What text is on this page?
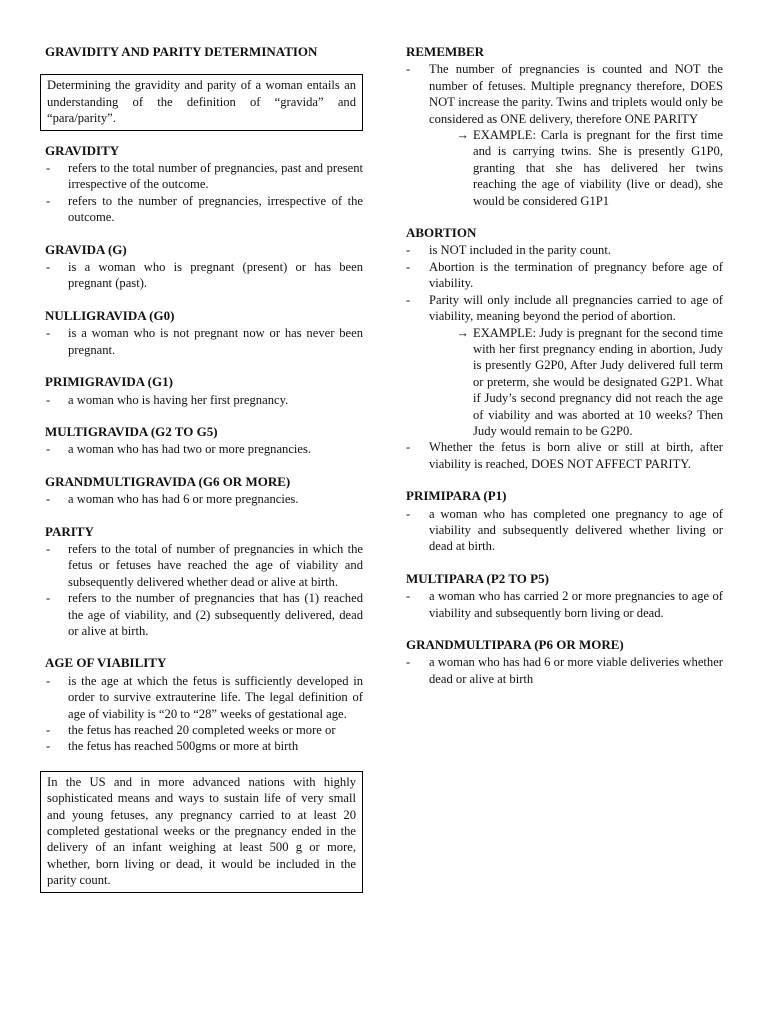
GRAVIDITY AND PARITY DETERMINATION
Determining the gravidity and parity of a woman entails an understanding of the definition of “gravida” and “para/parity”.
GRAVIDITY
- refers to the total number of pregnancies, past and present irrespective of the outcome.
- refers to the number of pregnancies, irrespective of the outcome.
GRAVIDA (G)
- is a woman who is pregnant (present) or has been pregnant (past).
NULLIGRAVIDA (G0)
- is a woman who is not pregnant now or has never been pregnant.
PRIMIGRAVIDA (G1)
- a woman who is having her first pregnancy.
MULTIGRAVIDA (G2 TO G5)
- a woman who has had two or more pregnancies.
GRANDMULTIGRAVIDA (G6 OR MORE)
- a woman who has had 6 or more pregnancies.
PARITY
- refers to the total of number of pregnancies in which the fetus or fetuses have reached the age of viability and subsequently delivered whether dead or alive at birth.
- refers to the number of pregnancies that has (1) reached the age of viability, and (2) subsequently delivered, dead or alive at birth.
AGE OF VIABILITY
- is the age at which the fetus is sufficiently developed in order to survive extrauterine life. The legal definition of age of viability is “20 to “28” weeks of gestational age.
- the fetus has reached 20 completed weeks or more or
- the fetus has reached 500gms or more at birth
In the US and in more advanced nations with highly sophisticated means and ways to sustain life of very small and young fetuses, any pregnancy carried to at least 20 completed gestational weeks or the pregnancy ended in the delivery of an infant weighing at least 500 g or more, whether, born living or dead, it would be included in the parity count.
REMEMBER
- The number of pregnancies is counted and NOT the number of fetuses. Multiple pregnancy therefore, DOES NOT increase the parity. Twins and triplets would only be considered as ONE delivery, therefore ONE PARITY
→ EXAMPLE: Carla is pregnant for the first time and is carrying twins. She is presently G1P0, granting that she has delivered her twins reaching the age of viability (live or dead), she would be considered G1P1
ABORTION
- is NOT included in the parity count.
- Abortion is the termination of pregnancy before age of viability.
- Parity will only include all pregnancies carried to age of viability, meaning beyond the period of abortion.
→ EXAMPLE: Judy is pregnant for the second time with her first pregnancy ending in abortion, Judy is presently G2P0, After Judy delivered full term or preterm, she would be designated G2P1. What if Judy’s second pregnancy did not reach the age of viability and was aborted at 10 weeks? Then Judy would remain to be G2P0.
- Whether the fetus is born alive or still at birth, after viability is reached, DOES NOT AFFECT PARITY.
PRIMIPARA (P1)
- a woman who has completed one pregnancy to age of viability and subsequently delivered whether living or dead at birth.
MULTIPARA (P2 TO P5)
- a woman who has carried 2 or more pregnancies to age of viability and subsequently born living or dead.
GRANDMULTIPARA (P6 OR MORE)
- a woman who has had 6 or more viable deliveries whether dead or alive at birth
